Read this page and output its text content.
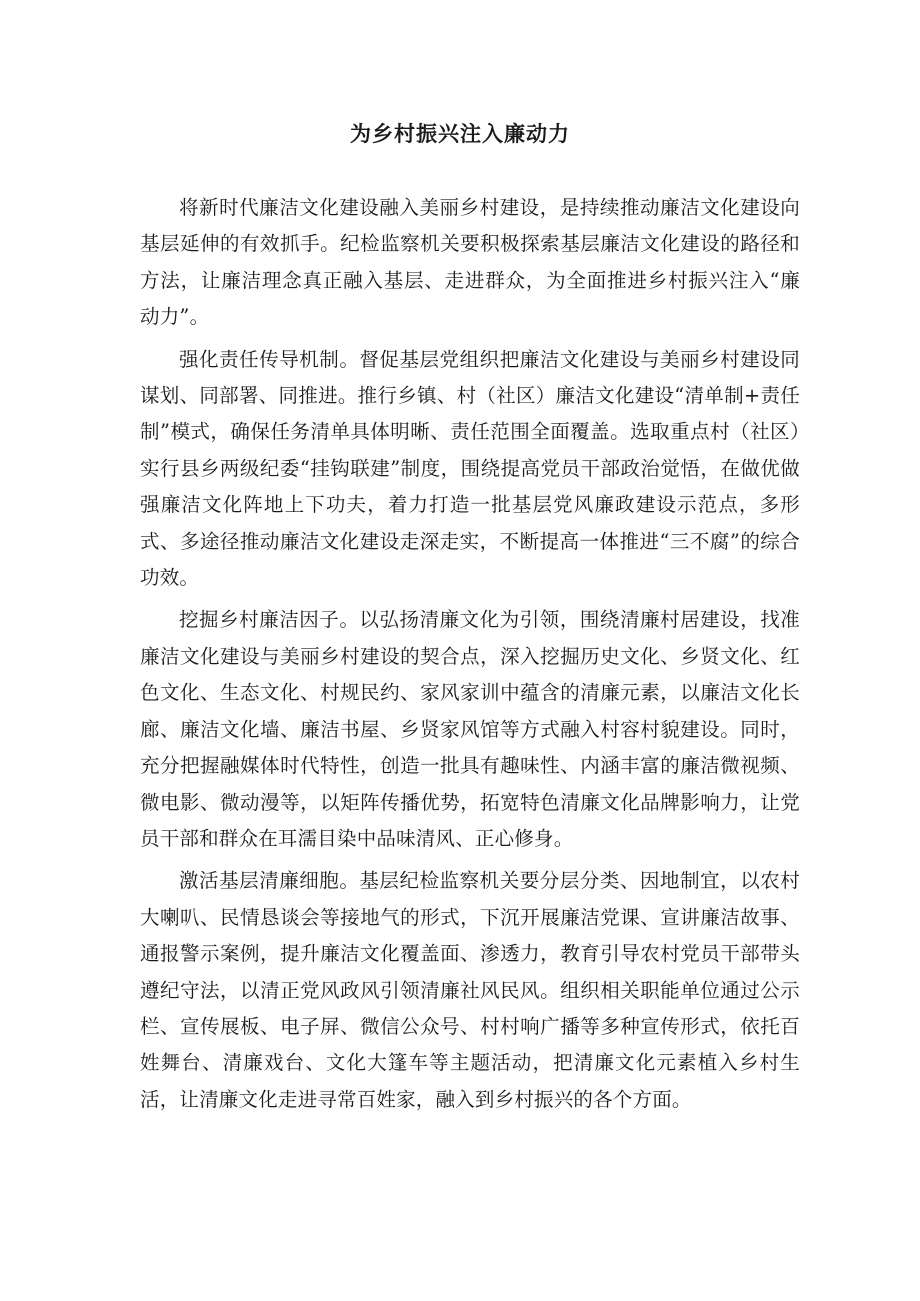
为乡村振兴注入廉动力

将新时代廉洁文化建设融入美丽乡村建设，是持续推动廉洁文化建设向基层延伸的有效抓手。纪检监察机关要积极探索基层廉洁文化建设的路径和方法，让廉洁理念真正融入基层、走进群众，为全面推进乡村振兴注入“廉动力”。

强化责任传导机制。督促基层党组织把廉洁文化建设与美丽乡村建设同谋划、同部署、同推进。推行乡镇、村（社区）廉洁文化建设“清单制+责任制”模式，确保任务清单具体明晰、责任范围全面覆盖。选取重点村（社区）实行县乡两级纪委“挂钩联建”制度，围绕提高党员干部政治觉悟，在做优做强廉洁文化阵地上下功夫，着力打造一批基层党风廉政建设示范点，多形式、多途径推动廉洁文化建设走深走实，不断提高一体推进“三不腐”的综合功效。

挖掘乡村廉洁因子。以弘扬清廉文化为引领，围绕清廉村居建设，找准廉洁文化建设与美丽乡村建设的契合点，深入挖掘历史文化、乡贤文化、红色文化、生态文化、村规民约、家风家训中蕴含的清廉元素，以廉洁文化长廊、廉洁文化墙、廉洁书屋、乡贤家风馆等方式融入村容村貌建设。同时，充分把握融媒体时代特性，创造一批具有趣味性、内涵丰富的廉洁微视频、微电影、微动漫等，以矩阵传播优势，拓宽特色清廉文化品牌影响力，让党员干部和群众在耳濡目染中品味清风、正心修身。

激活基层清廉细胞。基层纪检监察机关要分层分类、因地制宜，以农村大喇叭、民情恳谈会等接地气的形式，下沉开展廉洁党课、宣讲廉洁故事、通报警示案例，提升廉洁文化覆盖面、渗透力，教育引导农村党员干部带头遵纪守法，以清正党风政风引领清廉社风民风。组织相关职能单位通过公示栏、宣传展板、电子屏、微信公众号、村村响广播等多种宣传形式，依托百姓舞台、清廉戏台、文化大篷车等主题活动，把清廉文化元素植入乡村生活，让清廉文化走进寻常百姓家，融入到乡村振兴的各个方面。
